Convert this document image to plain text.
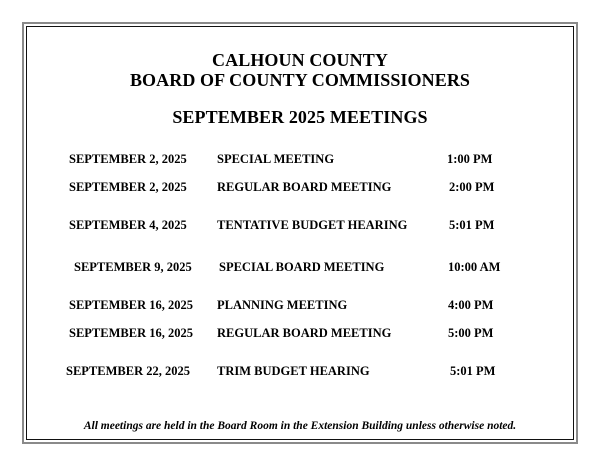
CALHOUN COUNTY
BOARD OF COUNTY COMMISSIONERS
SEPTEMBER 2025 MEETINGS
SEPTEMBER 2, 2025 SPECIAL MEETING	1:00 PM
SEPTEMBER 2, 2025 REGULAR BOARD MEETING	2:00 PM
SEPTEMBER 4, 2025 TENTATIVE BUDGET HEARING	5:01 PM
SEPTEMBER 9, 2025 SPECIAL BOARD MEETING	10:00 AM
SEPTEMBER 16, 2025 PLANNING MEETING	4:00 PM
SEPTEMBER 16, 2025 REGULAR BOARD MEETING	5:00 PM
SEPTEMBER 22, 2025 TRIM BUDGET HEARING	5:01 PM
All meetings are held in the Board Room in the Extension Building unless otherwise noted.
